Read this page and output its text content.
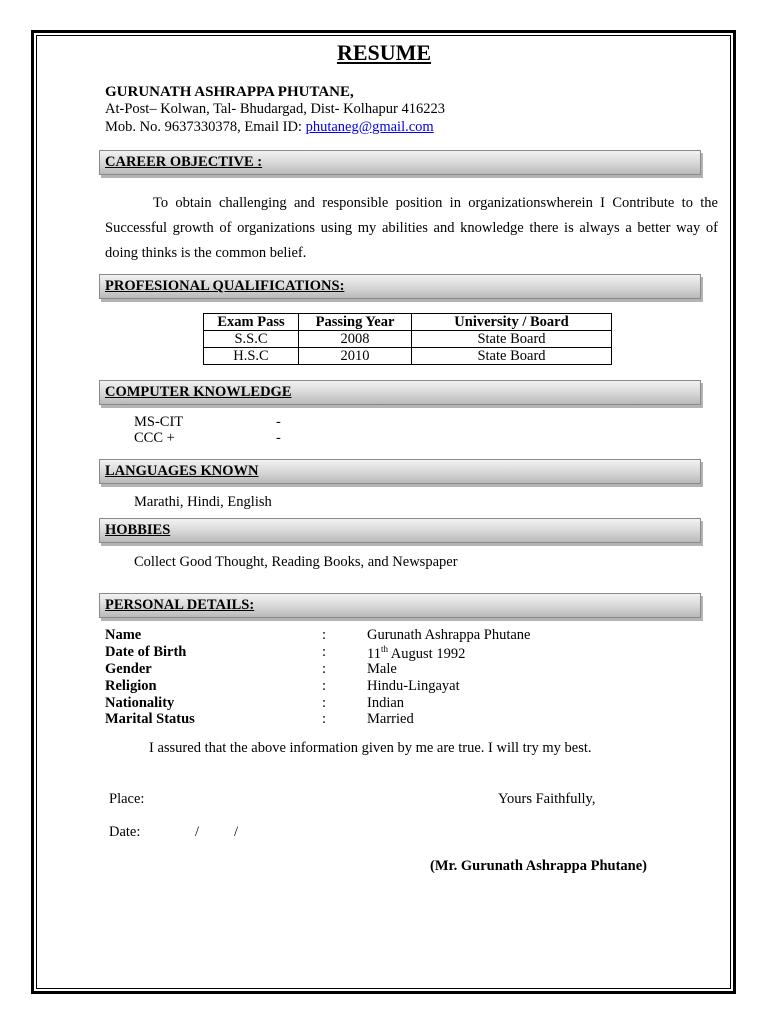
RESUME
GURUNATH ASHRAPPA PHUTANE,
At-Post– Kolwan, Tal- Bhudargad, Dist- Kolhapur 416223
Mob. No. 9637330378, Email ID: phutaneg@gmail.com
CAREER OBJECTIVE :
To obtain challenging and responsible position in organizationswherein I Contribute to the Successful growth of organizations using my abilities and knowledge there is always a better way of doing thinks is the common belief.
PROFESIONAL QUALIFICATIONS:
Exam Pass	Passing Year	University / Board
S.S.C	2008	State Board
H.S.C	2010	State Board
COMPUTER KNOWLEDGE
MS-CIT	-
CCC +	-
LANGUAGES KNOWN
Marathi, Hindi, English
HOBBIES
Collect Good Thought, Reading Books, and Newspaper
PERSONAL DETAILS:
Name	:	Gurunath Ashrappa Phutane
Date of Birth	:	11th August 1992
Gender	:	Male
Religion	:	Hindu-Lingayat
Nationality	:	Indian
Marital Status	:	Married
I assured that the above information given by me are true. I will try my best.
Place:	Yours Faithfully,
Date:	/ /
(Mr. Gurunath Ashrappa Phutane)
